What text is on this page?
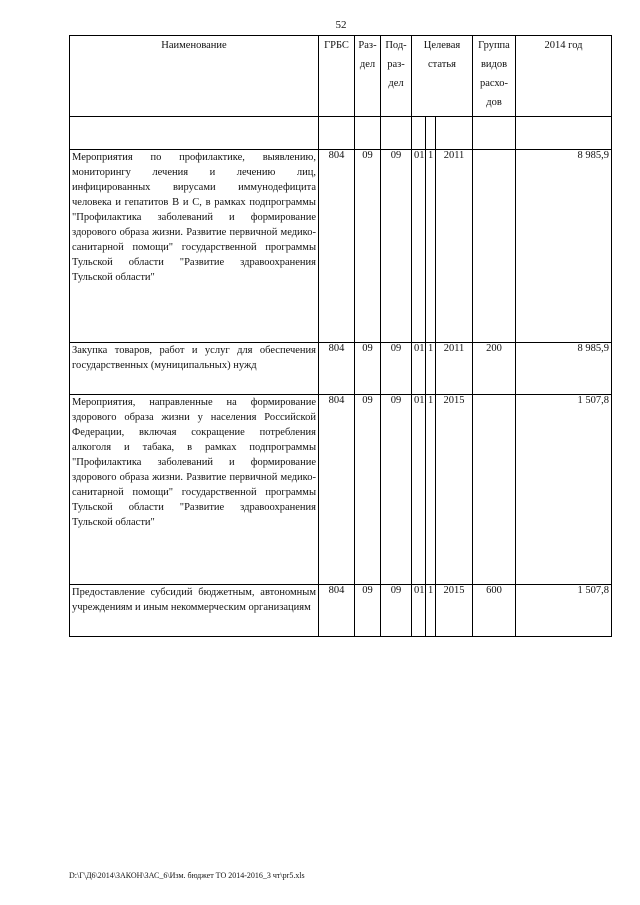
52
Наименование	ГРБС	Раз-дел	Под-раз-дел	Целевая статья			Группа видов расхо-дов	2014 год

Мероприятия по профилактике, выявлению, мониторингу лечения и лечению лиц, инфицированных вирусами иммунодефицита человека и гепатитов В и С, в рамках подпрограммы "Профилактика заболеваний и формирование здорового образа жизни. Развитие первичной медико-санитарной помощи" государственной программы Тульской области "Развитие здравоохранения Тульской области"	804	09	09	01	1	2011		8 985,9
Закупка товаров, работ и услуг для обеспечения государственных (муниципальных) нужд	804	09	09	01	1	2011	200	8 985,9
Мероприятия, направленные на формирование здорового образа жизни у населения Российской Федерации, включая сокращение потребления алкоголя и табака, в рамках подпрограммы "Профилактика заболеваний и формирование здорового образа жизни. Развитие первичной медико-санитарной помощи" государственной программы Тульской области "Развитие здравоохранения Тульской области"	804	09	09	01	1	2015		1 507,8
Предоставление субсидий бюджетным, автономным учреждениям и иным некоммерческим организациям	804	09	09	01	1	2015	600	1 507,8
D:\Г\Д6\2014\ЗАКОН\ЗАС_6\Изм. бюджет ТО 2014-2016_3 чт\pr5.xls
